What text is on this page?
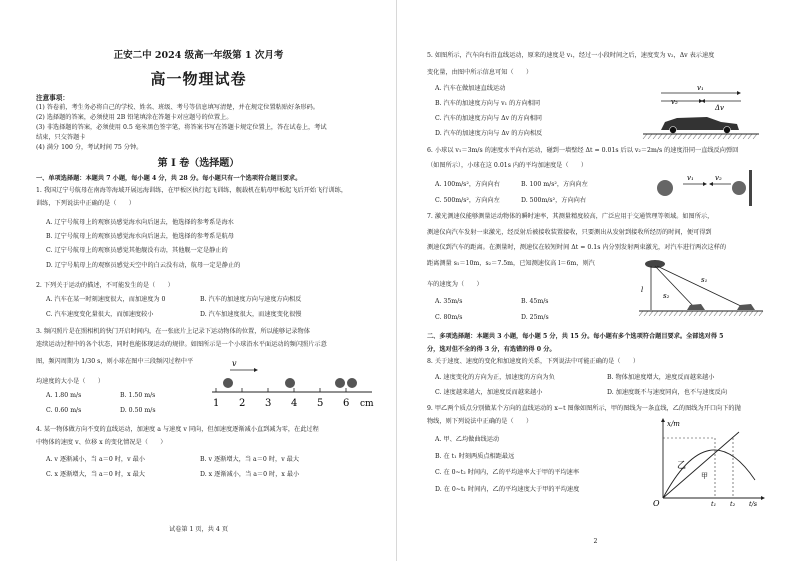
正安二中 2024 级高一年级第 1 次月考
高一物理试卷
注意事项：
(1) 答卷前，考生务必将自己的学校、姓名、班级、考号等信息填写清楚，并在规定位置粘贴好条形码。
(2) 选择题的答案，必须使用 2B 铅笔填涂在答题卡对应题号的位置上。
(3) 非选择题的答案，必须使用 0.5 毫米黑色签字笔，将答案书写在答题卡规定位置上，答在试卷上，考试
结束，只交答题卡
(4) 满分 100 分，考试时间 75 分钟。
第 I 卷（选择题）
一、单项选择题：本题共 7 小题，每小题 4 分，共 28 分。每小题只有一个选项符合题目要求。
1. 我国辽宁号航母在南海等海域开展远海训练，在甲板区执行起飞训练，舰载机在航母甲板起飞后开始飞行训练，
训练，下列说法中正确的是（　　）
A. 辽宁号航母上的观察员感觉海水向后退去，他选择的参考系是海水
B. 辽宁号航母上的观察员感觉海水向后退去，他选择的参考系是航母
C. 辽宁号航母上的观察员感觉其他舰没有动，其他舰一定是静止的
D. 辽宁号航母上的观察员感觉天空中的白云没有动，航母一定是静止的
2. 下列关于运动的描述，不可能发生的是（　　）
A. 汽车在某一时刻速度很大，而加速度为 0	B. 汽车的加速度方向与速度方向相反
C. 汽车速度变化量很大，而加速度较小	D. 汽车加速度很大，而速度变化很慢
3. 频闪照片是在照相机的快门开启时间内，在一张底片上记录下运动物体的位置，所以能够记录物体
连续运动过程中的各个状态，同时也能体现运动的规律。如图所示是一个小球沿水平面运动的频闪照片示意
图，频闪周期为 1/30 s，则小球在图中三段频闪过程中平
均速度的大小是（　　）
A. 1.80 m/s	B. 1.50 m/s
C. 0.60 m/s	D. 0.50 m/s
v
1 2 3 4 5 6 cm
4. 某一物体做方向不变的直线运动，加速度 a 与速度 v 同向，但加速度逐渐减小直到减为零，在此过程
中物体的速度 v、位移 x 的变化情况是（　　）
A. v 逐渐减小，当 a＝0 时，v 最小	B. v 逐渐增大，当 a＝0 时，v 最大
C. x 逐渐增大，当 a＝0 时，x 最大	D. x 逐渐减小，当 a＝0 时，x 最小
试卷第 1 页，共 4 页
5. 如图所示，汽车向右沿直线运动，原来的速度是 v₁，经过一小段时间之后，速度变为 v₂，Δv 表示速度
变化量，由图中所示信息可知（　　）
A. 汽车在做加速直线运动
B. 汽车的加速度方向与 v₁ 的方向相同
C. 汽车的加速度方向与 Δv 的方向相同
D. 汽车的加速度方向与 Δv 的方向相反
v₁
v₂
Δv
6. 小球以 v₁＝3m/s 的速度水平向右运动，碰到一墙壁经 Δt = 0.01s 后以 v₂＝2m/s 的速度沿同一直线反向弹回
（如图所示），小球在这 0.01s 内的平均加速度是（　　）
A. 100m/s²，方向向右	B. 100 m/s²，方向向左
C. 500m/s²，方向向左	D. 500m/s²，方向向右
v₁	v₂
7. 激光测速仪能够测量运动物体的瞬时速率，其测量精度较高，广泛应用于交通管理等领域。如图所示，
测速仪向汽车发射一束激光，经反射后被接收装置接收，只要测出从发射到接收所经历的时间，便可得到
测速仪到汽车的距离。在测量时，测速仪在较短时间 Δt = 0.1s 内分别发射两束激光，对汽车进行两次这样的
距离测量 s₁＝10m，s₂＝7.5m，已知测速仪高 l＝6m，则汽
车的速度为（　　）
A. 35m/s	B. 45m/s
C. 80m/s	D. 25m/s
l
s₂
s₁
二、多项选择题：本题共 3 小题，每小题 5 分，共 15 分。每小题有多个选项符合题目要求。全部选对得 5
分，选对但不全的得 3 分，有选错的得 0 分。
8. 关于速度、速度的变化和加速度的关系，下列说法中可能正确的是（　　）
A. 速度变化的方向为正，加速度的方向为负	B. 物体加速度增大，速度反而越来越小
C. 速度越来越大，加速度反而越来越小	D. 加速度既不与速度同向，也不与速度反向
9. 甲乙两个质点分别做某个方向的直线运动的 x−t 图像如图所示，甲的图线为一条直线，乙的图线为开口向下的抛
物线，则下列说法中正确的是（　　）
A. 甲、乙均做曲线运动
B. 在 t₁ 时刻两质点相距最远
C. 在 0~t₂ 时间内，乙的平均速率大于甲的平均速率
D. 在 0~t₁ 时间内，乙的平均速度大于甲的平均速度
x/m
乙
甲
O	t₁ t₂ t/s
2
